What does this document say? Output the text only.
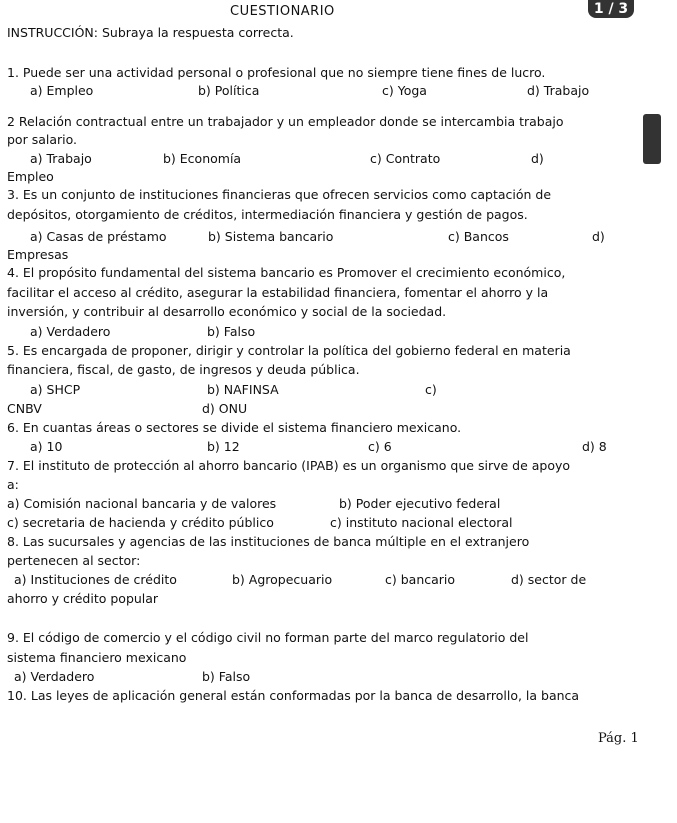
CUESTIONARIO	1 / 3
INSTRUCCIÓN: Subraya la respuesta correcta.
1. Puede ser una actividad personal o profesional que no siempre tiene fines de lucro.
a) Empleo	b) Política	c) Yoga	d) Trabajo
2 Relación contractual entre un trabajador y un empleador donde se intercambia trabajo
por salario.
a) Trabajo	b) Economía	c) Contrato	d)
Empleo
3. Es un conjunto de instituciones financieras que ofrecen servicios como captación de
depósitos, otorgamiento de créditos, intermediación financiera y gestión de pagos.
a) Casas de préstamo	b) Sistema bancario	c) Bancos	d)
Empresas
4. El propósito fundamental del sistema bancario es Promover el crecimiento económico,
facilitar el acceso al crédito, asegurar la estabilidad financiera, fomentar el ahorro y la
inversión, y contribuir al desarrollo económico y social de la sociedad.
a) Verdadero	b) Falso
5. Es encargada de proponer, dirigir y controlar la política del gobierno federal en materia
financiera, fiscal, de gasto, de ingresos y deuda pública.
a) SHCP	b) NAFINSA	c)
CNBV	d) ONU
6. En cuantas áreas o sectores se divide el sistema financiero mexicano.
a) 10	b) 12	c) 6	d) 8
7. El instituto de protección al ahorro bancario (IPAB) es un organismo que sirve de apoyo
a:
a) Comisión nacional bancaria y de valores	b) Poder ejecutivo federal
c) secretaria de hacienda y crédito público	c) instituto nacional electoral
8. Las sucursales y agencias de las instituciones de banca múltiple en el extranjero
pertenecen al sector:
a) Instituciones de crédito	b) Agropecuario	c) bancario	d) sector de
ahorro y crédito popular
9. El código de comercio y el código civil no forman parte del marco regulatorio del
sistema financiero mexicano
a) Verdadero	b) Falso
10. Las leyes de aplicación general están conformadas por la banca de desarrollo, la banca
Pág. 1
